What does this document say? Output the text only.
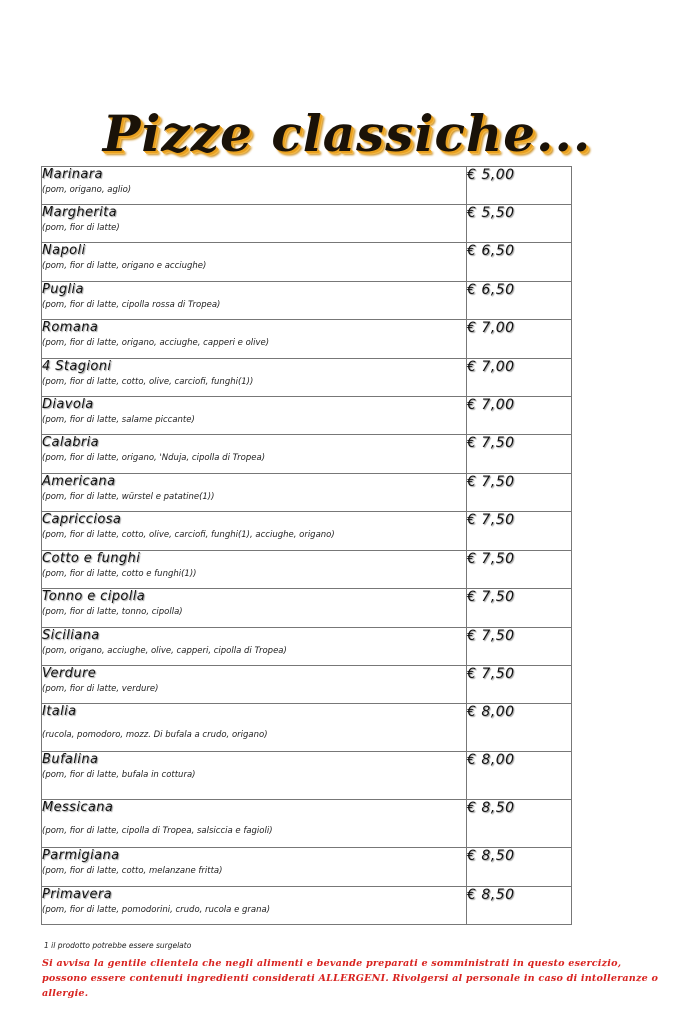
Pizze classiche...
Marinara
(pom, origano, aglio)	€ 5,00

Margherita
(pom, fior di latte)	€ 5,50

Napoli
(pom, fior di latte, origano e acciughe)	€ 6,50

Puglia
(pom, fior di latte, cipolla rossa di Tropea)	€ 6,50

Romana
(pom, fior di latte, origano, acciughe, capperi e olive)	€ 7,00

4 Stagioni
(pom, fior di latte, cotto, olive, carciofi, funghi(1))	€ 7,00

Diavola
(pom, fior di latte, salame piccante)	€ 7,00

Calabria
(pom, fior di latte, origano, 'Nduja, cipolla di Tropea)	€ 7,50

Americana
(pom, fior di latte, würstel e patatine(1))	€ 7,50

Capricciosa
(pom, fior di latte, cotto, olive, carciofi, funghi(1), acciughe, origano)	€ 7,50

Cotto e funghi
(pom, fior di latte, cotto e funghi(1))	€ 7,50

Tonno e cipolla
(pom, fior di latte, tonno, cipolla)	€ 7,50

Siciliana
(pom, origano, acciughe, olive, capperi, cipolla di Tropea)	€ 7,50

Verdure
(pom, fior di latte, verdure)	€ 7,50

Italia
(rucola, pomodoro, mozz. Di bufala a crudo, origano)	€ 8,00

Bufalina
(pom, fior di latte, bufala in cottura)	€ 8,00

Messicana
(pom, fior di latte, cipolla di Tropea, salsiccia e fagioli)	€ 8,50

Parmigiana
(pom, fior di latte, cotto, melanzane fritta)	€ 8,50

Primavera
(pom, fior di latte, pomodorini, crudo, rucola e grana)	€ 8,50
1 il prodotto potrebbe essere surgelato
Si avvisa la gentile clientela che negli alimenti e bevande preparati e somministrati in questo esercizio, possono essere contenuti ingredienti considerati ALLERGENI. Rivolgersi al personale in caso di intolleranze o allergie.
